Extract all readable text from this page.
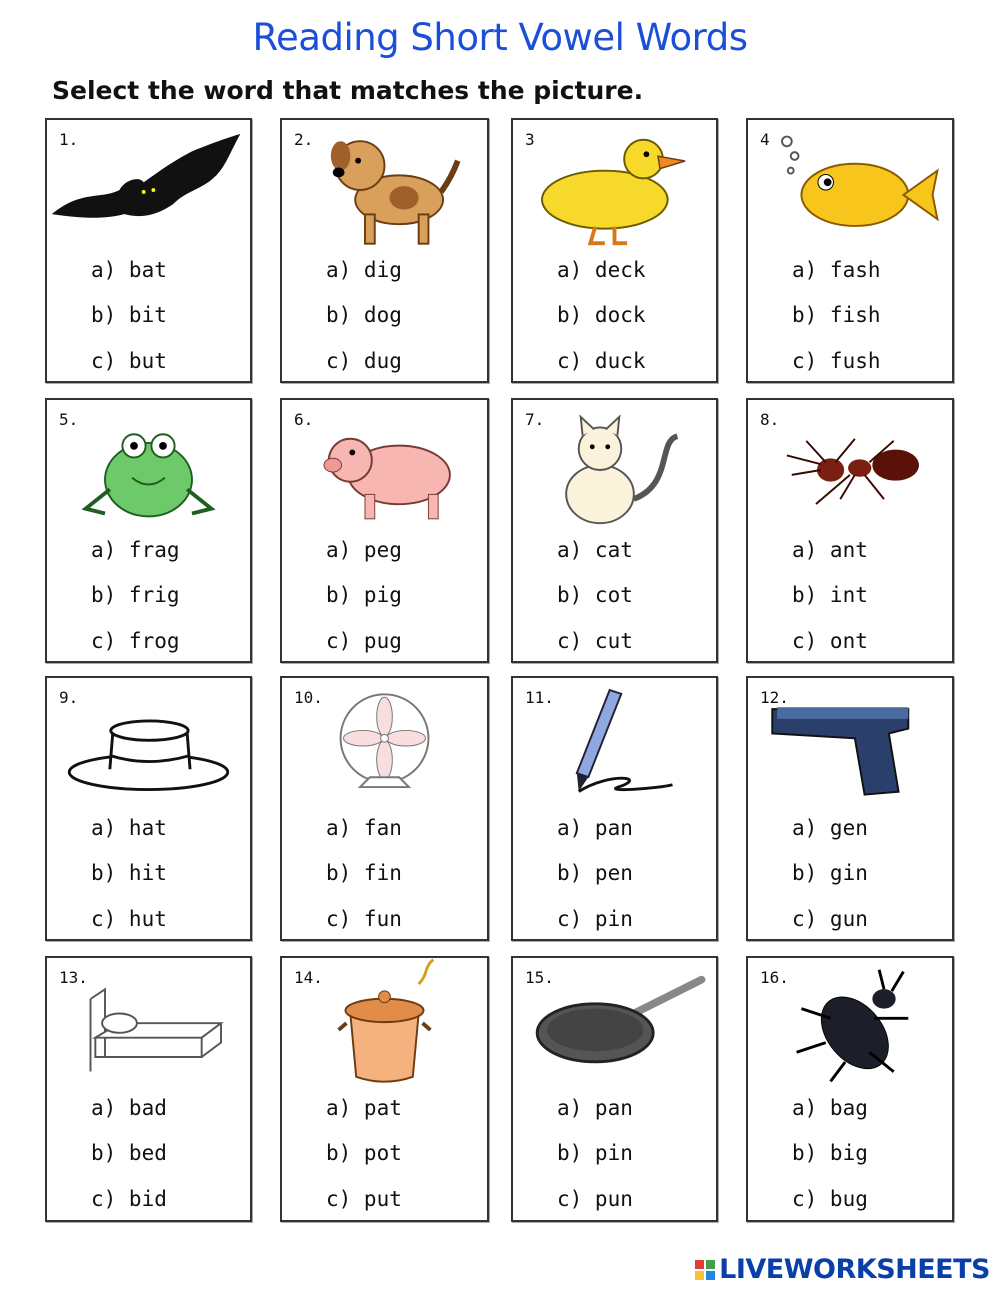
Reading Short Vowel Words
Select the word that matches the picture.
1.
a) bat
b) bit
c) but
2.
a) dig
b) dog
c) dug
3
a) deck
b) dock
c) duck
4
a) fash
b) fish
c) fush
5.
a) frag
b) frig
c) frog
6.
a) peg
b) pig
c) pug
7.
a) cat
b) cot
c) cut
8.
a) ant
b) int
c) ont
9.
a) hat
b) hit
c) hut
10.
a) fan
b) fin
c) fun
11.
a) pan
b) pen
c) pin
12.
a) gen
b) gin
c) gun
13.
a) bad
b) bed
c) bid
14.
a) pat
b) pot
c) put
15.
a) pan
b) pin
c) pun
16.
a) bag
b) big
c) bug
LIVEWORKSHEETS
